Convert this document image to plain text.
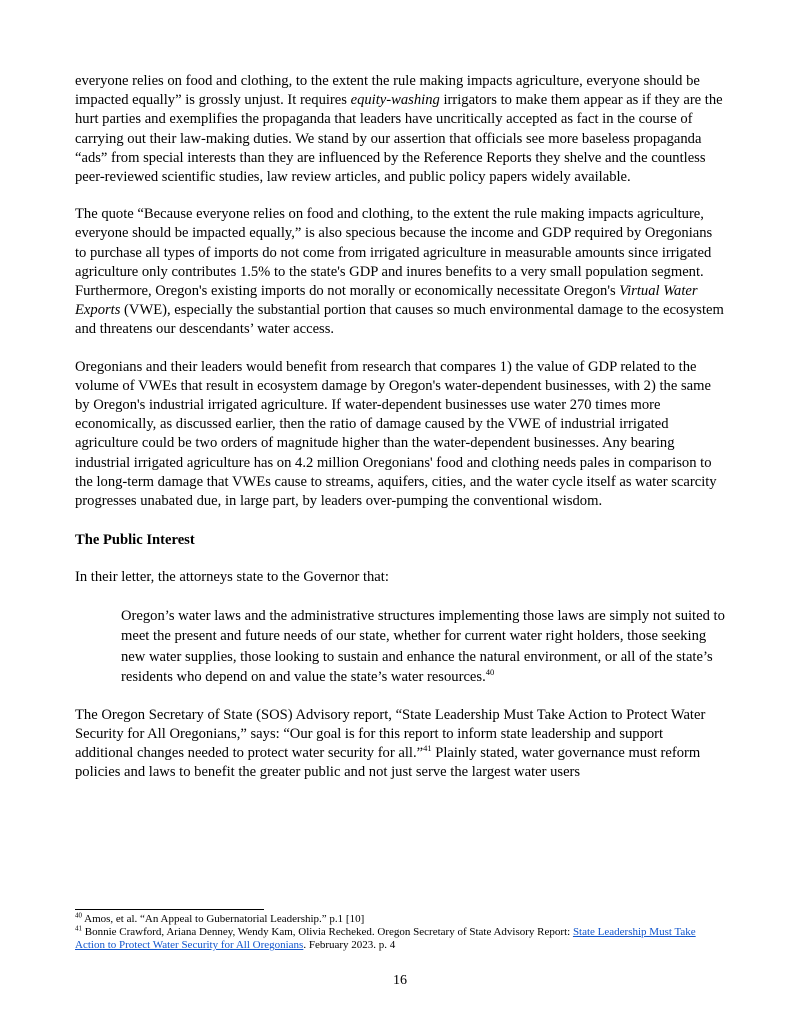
everyone relies on food and clothing, to the extent the rule making impacts agriculture, everyone should be impacted equally” is grossly unjust. It requires equity-washing irrigators to make them appear as if they are the hurt parties and exemplifies the propaganda that leaders have uncritically accepted as fact in the course of carrying out their law-making duties. We stand by our assertion that officials see more baseless propaganda “ads” from special interests than they are influenced by the Reference Reports they shelve and the countless peer-reviewed scientific studies, law review articles, and public policy papers widely available.

The quote “Because everyone relies on food and clothing, to the extent the rule making impacts agriculture, everyone should be impacted equally,” is also specious because the income and GDP required by Oregonians to purchase all types of imports do not come from irrigated agriculture in measurable amounts since irrigated agriculture only contributes 1.5% to the state's GDP and inures benefits to a very small population segment. Furthermore, Oregon's existing imports do not morally or economically necessitate Oregon's Virtual Water Exports (VWE), especially the substantial portion that causes so much environmental damage to the ecosystem and threatens our descendants’ water access.

Oregonians and their leaders would benefit from research that compares 1) the value of GDP related to the volume of VWEs that result in ecosystem damage by Oregon's water-dependent businesses, with 2) the same by Oregon's industrial irrigated agriculture. If water-dependent businesses use water 270 times more economically, as discussed earlier, then the ratio of damage caused by the VWE of industrial irrigated agriculture could be two orders of magnitude higher than the water-dependent businesses. Any bearing industrial irrigated agriculture has on 4.2 million Oregonians' food and clothing needs pales in comparison to the long-term damage that VWEs cause to streams, aquifers, cities, and the water cycle itself as water scarcity progresses unabated due, in large part, by leaders over-pumping the conventional wisdom.

The Public Interest

In their letter, the attorneys state to the Governor that:

Oregon’s water laws and the administrative structures implementing those laws are simply not suited to meet the present and future needs of our state, whether for current water right holders, those seeking new water supplies, those looking to sustain and enhance the natural environment, or all of the state’s residents who depend on and value the state’s water resources.$^{40}$

The Oregon Secretary of State (SOS) Advisory report, “State Leadership Must Take Action to Protect Water Security for All Oregonians,” says: “Our goal is for this report to inform state leadership and support additional changes needed to protect water security for all.”$^{41}$ Plainly stated, water governance must reform policies and laws to benefit the greater public and not just serve the largest water users

$^{40}$ Amos, et al. “An Appeal to Gubernatorial Leadership.” p.1 [10]
$^{41}$ Bonnie Crawford, Ariana Denney, Wendy Kam, Olivia Recheked. Oregon Secretary of State Advisory Report: State Leadership Must Take Action to Protect Water Security for All Oregonians. February 2023. p. 4
16
